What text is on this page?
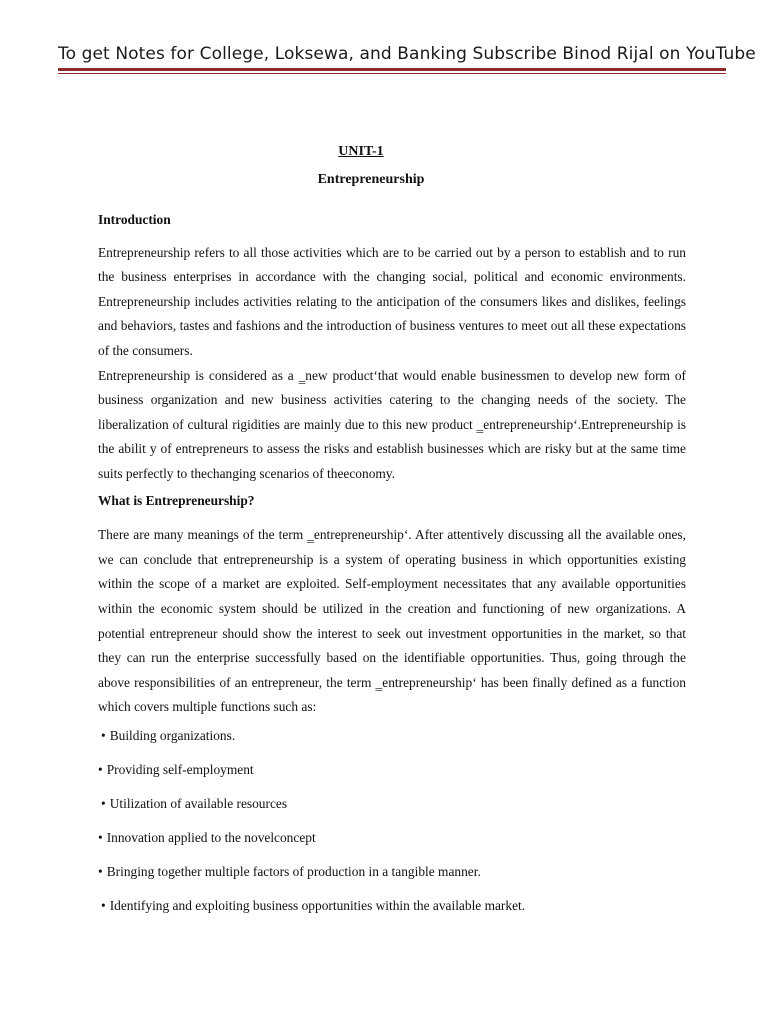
To get Notes for College, Loksewa, and Banking Subscribe Binod Rijal on YouTube
UNIT-1
Entrepreneurship
Introduction

Entrepreneurship refers to all those activities which are to be carried out by a person to establish and to run the business enterprises in accordance with the changing social, political and economic environments. Entrepreneurship includes activities relating to the anticipation of the consumers likes and dislikes, feelings and behaviors, tastes and fashions and the introduction of business ventures to meet out all these expectations of the consumers.

Entrepreneurship is considered as a ‗new product‘that would enable businessmen to develop new form of business organization and new business activities catering to the changing needs of the society. The liberalization of cultural rigidities are mainly due to this new product ‗entrepreneurship‘.Entrepreneurship is the abilit y of entrepreneurs to assess the risks and establish businesses which are risky but at the same time suits perfectly to thechanging scenarios of theeconomy.

What is Entrepreneurship?

There are many meanings of the term ‗entrepreneurship‘. After attentively discussing all the available ones, we can conclude that entrepreneurship is a system of operating business in which opportunities existing within the scope of a market are exploited. Self-employment necessitates that any available opportunities within the economic system should be utilized in the creation and functioning of new organizations. A potential entrepreneur should show the interest to seek out investment opportunities in the market, so that they can run the enterprise successfully based on the identifiable opportunities. Thus, going through the above responsibilities of an entrepreneur, the term ‗entrepreneurship‘ has been finally defined as a function which covers multiple functions such as:

• Building organizations.
• Providing self-employment
• Utilization of available resources
• Innovation applied to the novelconcept
• Bringing together multiple factors of production in a tangible manner.
• Identifying and exploiting business opportunities within the available market.
